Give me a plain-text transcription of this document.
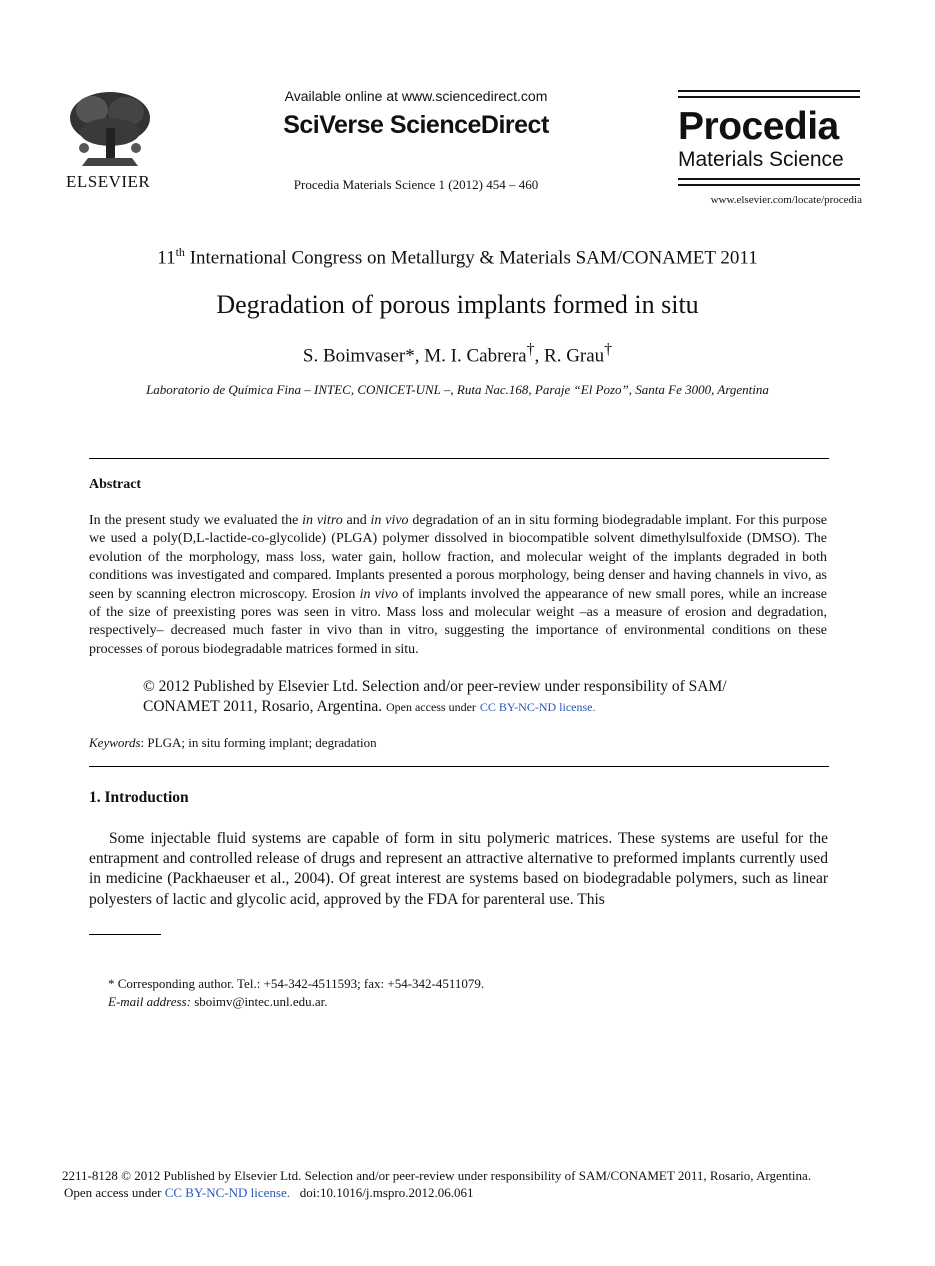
ELSEVIER
Available online at www.sciencedirect.com
SciVerse ScienceDirect
Procedia Materials Science 1 (2012) 454 – 460
Procedia
Materials Science
www.elsevier.com/locate/procedia
11th International Congress on Metallurgy & Materials SAM/CONAMET 2011
Degradation of porous implants formed in situ
S. Boimvaser*, M. I. Cabrera†, R. Grau†
Laboratorio de Química Fina – INTEC, CONICET-UNL –, Ruta Nac.168, Paraje “El Pozo”, Santa Fe 3000, Argentina
Abstract
In the present study we evaluated the in vitro and in vivo degradation of an in situ forming biodegradable implant. For this purpose we used a poly(D,L-lactide-co-glycolide) (PLGA) polymer dissolved in biocompatible solvent dimethylsulfoxide (DMSO). The evolution of the morphology, mass loss, water gain, hollow fraction, and molecular weight of the implants degraded in both conditions was investigated and compared. Implants presented a porous morphology, being denser and having channels in vivo, as seen by scanning electron microscopy. Erosion in vivo of implants involved the appearance of new small pores, while an increase of the size of preexisting pores was seen in vitro. Mass loss and molecular weight –as a measure of erosion and degradation, respectively– decreased much faster in vivo than in vitro, suggesting the importance of environmental conditions on these processes of porous biodegradable matrices formed in situ.
© 2012 Published by Elsevier Ltd. Selection and/or peer-review under responsibility of SAM/ CONAMET 2011, Rosario, Argentina. Open access under CC BY-NC-ND license.
Keywords: PLGA; in situ forming implant; degradation
1. Introduction
Some injectable fluid systems are capable of form in situ polymeric matrices. These systems are useful for the entrapment and controlled release of drugs and represent an attractive alternative to preformed implants currently used in medicine (Packhaeuser et al., 2004). Of great interest are systems based on biodegradable polymers, such as linear polyesters of lactic and glycolic acid, approved by the FDA for parenteral use. This
* Corresponding author. Tel.: +54-342-4511593; fax: +54-342-4511079.
E-mail address: sboimv@intec.unl.edu.ar.
2211-8128 © 2012 Published by Elsevier Ltd. Selection and/or peer-review under responsibility of SAM/CONAMET 2011, Rosario, Argentina.
Open access under CC BY-NC-ND license. doi:10.1016/j.mspro.2012.06.061
